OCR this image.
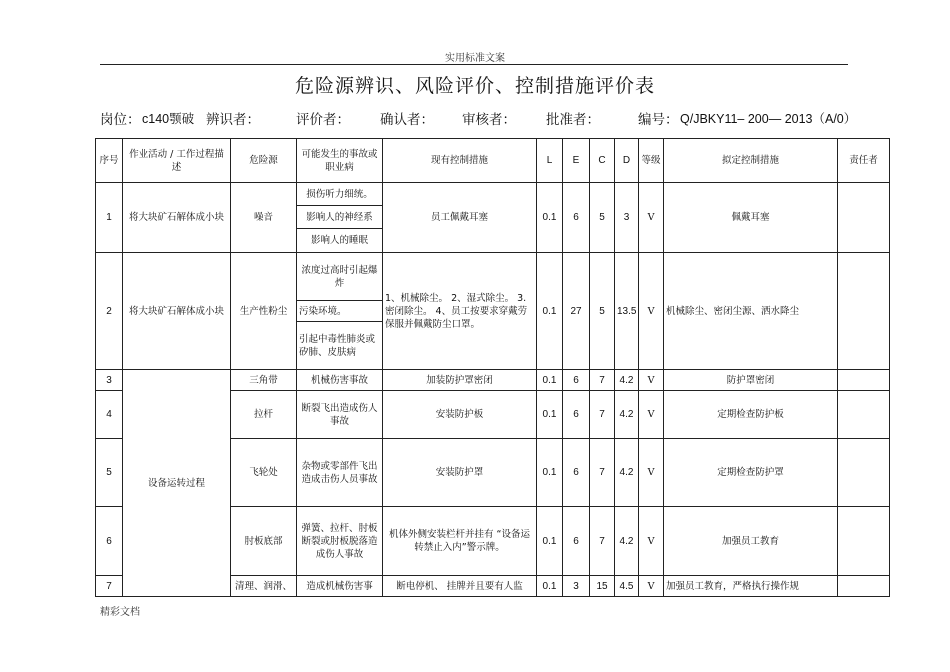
实用标准文案
危险源辨识、风险评价、控制措施评价表
岗位： c140颚破 辨识者：	评价者： 确认者： 审核者： 批准者：	编号： Q/JBKY11– 200— 2013（A/0）
序号	作业活动 / 工作过程描述	危险源	可能发生的事故或职业病	现有控制措施	L	E	C	D	等级	拟定控制措施	责任者
1	将大块矿石解体成小块	噪音	损伤听力细统。	员工佩戴耳塞	0.1	6	5	3	V	佩戴耳塞	
			影响人的神经系								
			影响人的睡眠								
2	将大块矿石解体成小块	生产性粉尘	浓度过高时引起爆炸	1、机械除尘。 2、湿式除尘。 3.密闭除尘。 4、员工按要求穿戴劳保服并佩戴防尘口罩。	0.1	27	5	13.5	V	机械除尘、密闭尘源、洒水降尘	
			污染环境。								
			引起中毒性肺炎或矽肺、皮肤病								
3	设备运转过程	三角带	机械伤害事故	加装防护罩密闭	0.1	6	7	4.2	V	防护罩密闭	
4		拉杆	断裂飞出造成伤人事故	安装防护板	0.1	6	7	4.2	V	定期检查防护板	
5		飞轮处	杂物或零部件飞出造成击伤人员事故	安装防护罩	0.1	6	7	4.2	V	定期检查防护罩	
6		肘板底部	弹簧、拉杆、肘板断裂或肘板脱落造成伤人事故	机体外侧安装栏杆并挂有 “设备运转禁止入内”警示牌。	0.1	6	7	4.2	V	加强员工教育	
7		清理、润滑、	造成机械伤害事	断电停机、 挂牌并且要有人监	0.1	3	15	4.5	V	加强员工教育，严格执行操作规	
精彩文档
